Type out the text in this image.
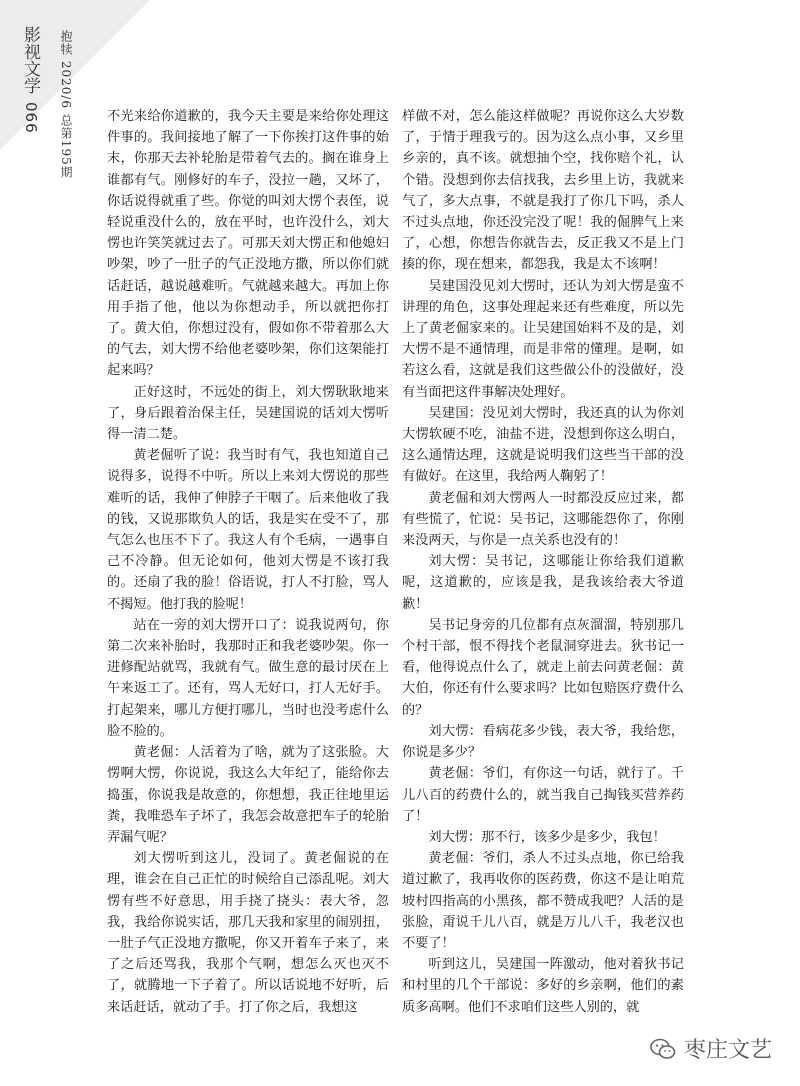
影视文学
066 抱犊 2020/6 总第195期	不光来给你道歉的，我今天主要是来给你处理这件事的。我间接地了解了一下你挨打这件事的始末，你那天去补轮胎是带着气去的。搁在谁身上谁都有气。刚修好的车子，没拉一趟，又坏了，你话说得就重了些。你觉的叫刘大愣个表侄，说轻说重没什么的，放在平时，也许没什么，刘大愣也许笑笑就过去了。可那天刘大愣正和他媳妇吵架，吵了一肚子的气正没地方撒，所以你们就话赶话，越说越难听。气就越来越大。再加上你用手指了他，他以为你想动手，所以就把你打了。黄大伯，你想过没有，假如你不带着那么大的气去，刘大愣不给他老婆吵架，你们这架能打起来吗？

正好这时，不远处的街上，刘大愣耿耿地来了，身后跟着治保主任，吴建国说的话刘大愣听得一清二楚。

黄老倔听了说：我当时有气，我也知道自己说得多，说得不中听。所以上来刘大愣说的那些难听的话，我伸了伸脖子干咽了。后来他收了我的钱，又说那欺负人的话，我是实在受不了，那气怎么也压不下了。我这人有个毛病，一遇事自己不冷静。但无论如何，他刘大愣是不该打我的。还扇了我的脸！俗语说，打人不打脸，骂人不揭短。他打我的脸呢！

站在一旁的刘大愣开口了：说我说两句，你第二次来补胎时，我那时正和我老婆吵架。你一进修配站就骂，我就有气。做生意的最讨厌在上午来返工了。还有，骂人无好口，打人无好手。打起架来，哪儿方便打哪儿，当时也没考虑什么脸不脸的。

黄老倔：人活着为了啥，就为了这张脸。大愣啊大愣，你说说，我这么大年纪了，能给你去捣蛋，你说我是故意的，你想想，我正往地里运粪，我唯恐车子坏了，我怎会故意把车子的轮胎弄漏气呢？

刘大愣听到这儿，没词了。黄老倔说的在理，谁会在自己正忙的时候给自己添乱呢。刘大愣有些不好意思，用手挠了挠头：表大爷，忽我，我给你说实话，那几天我和家里的闹别扭，一肚子气正没地方撒呢，你又开着车子来了，来了之后还骂我，我那个气啊，想怎么灭也灭不了，就腾地一下子着了。所以话说地不好听，后来话赶话，就动了手。打了你之后，我想这

样做不对，怎么能这样做呢？再说你这么大岁数了，于情于理我亏的。因为这么点小事，又乡里乡亲的，真不该。就想抽个空，找你赔个礼，认个错。没想到你去信找我，去乡里上访，我就来气了，多大点事，不就是我打了你几下吗，杀人不过头点地，你还没完没了呢！我的倔脾气上来了，心想，你想告你就告去，反正我又不是上门揍的你，现在想来，都怨我，我是太不该啊！

吴建国没见刘大愣时，还认为刘大愣是蛮不讲理的角色，这事处理起来还有些难度，所以先上了黄老倔家来的。让吴建国始料不及的是，刘大愣不是不通情理，而是非常的懂理。是啊，如若这么看，这就是我们这些做公仆的没做好，没有当面把这件事解决处理好。

吴建国：没见刘大愣时，我还真的认为你刘大愣软硬不吃，油盐不进，没想到你这么明白，这么通情达理，这就是说明我们这些当干部的没有做好。在这里，我给两人鞠躬了！

黄老倔和刘大愣两人一时都没反应过来，都有些慌了，忙说：吴书记，这哪能怨你了，你刚来没两天，与你是一点关系也没有的！

刘大愣：吴书记，这哪能让你给我们道歉呢，这道歉的，应该是我，是我该给表大爷道歉！

吴书记身旁的几位都有点灰溜溜，特别那几个村干部，恨不得找个老鼠洞穿进去。狄书记一看，他得说点什么了，就走上前去问黄老倔：黄大伯，你还有什么要求吗？比如包赔医疗费什么的？

刘大愣：看病花多少钱，表大爷，我给您，你说是多少？

黄老倔：爷们，有你这一句话，就行了。千儿八百的药费什么的，就当我自己掏钱买营养药了！

刘大愣：那不行，该多少是多少，我包！

黄老倔：爷们，杀人不过头点地，你已给我道过歉了，我再收你的医药费，你这不是让咱荒坡村四指高的小黑孩，都不赞成我吧？人活的是张脸，甭说千儿八百，就是万儿八千，我老汉也不要了！

听到这儿，吴建国一阵激动，他对着狄书记和村里的几个干部说：多好的乡亲啊，他们的素质多高啊。他们不求咱们这些人别的，就

枣庄文艺
